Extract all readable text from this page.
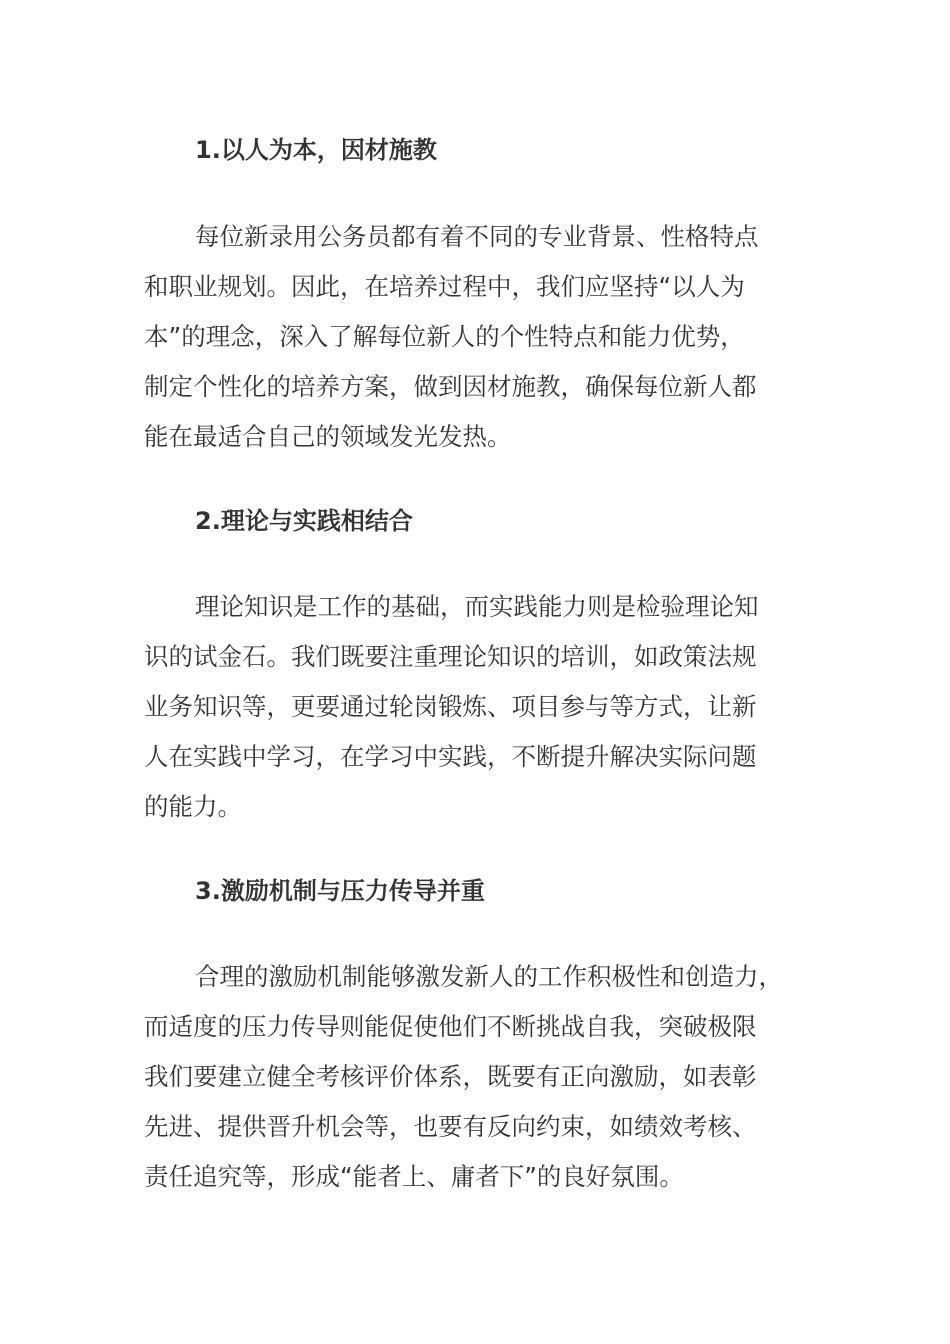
1.以人为本，因材施教
每位新录用公务员都有着不同的专业背景、性格特点
和职业规划。因此，在培养过程中，我们应坚持“以人为
本”的理念，深入了解每位新人的个性特点和能力优势，
制定个性化的培养方案，做到因材施教，确保每位新人都
能在最适合自己的领域发光发热。
2.理论与实践相结合
理论知识是工作的基础，而实践能力则是检验理论知
识的试金石。我们既要注重理论知识的培训，如政策法规
业务知识等，更要通过轮岗锻炼、项目参与等方式，让新
人在实践中学习，在学习中实践，不断提升解决实际问题
的能力。
3.激励机制与压力传导并重
合理的激励机制能够激发新人的工作积极性和创造力，
而适度的压力传导则能促使他们不断挑战自我，突破极限
我们要建立健全考核评价体系，既要有正向激励，如表彰
先进、提供晋升机会等，也要有反向约束，如绩效考核、
责任追究等，形成“能者上、庸者下”的良好氛围。
